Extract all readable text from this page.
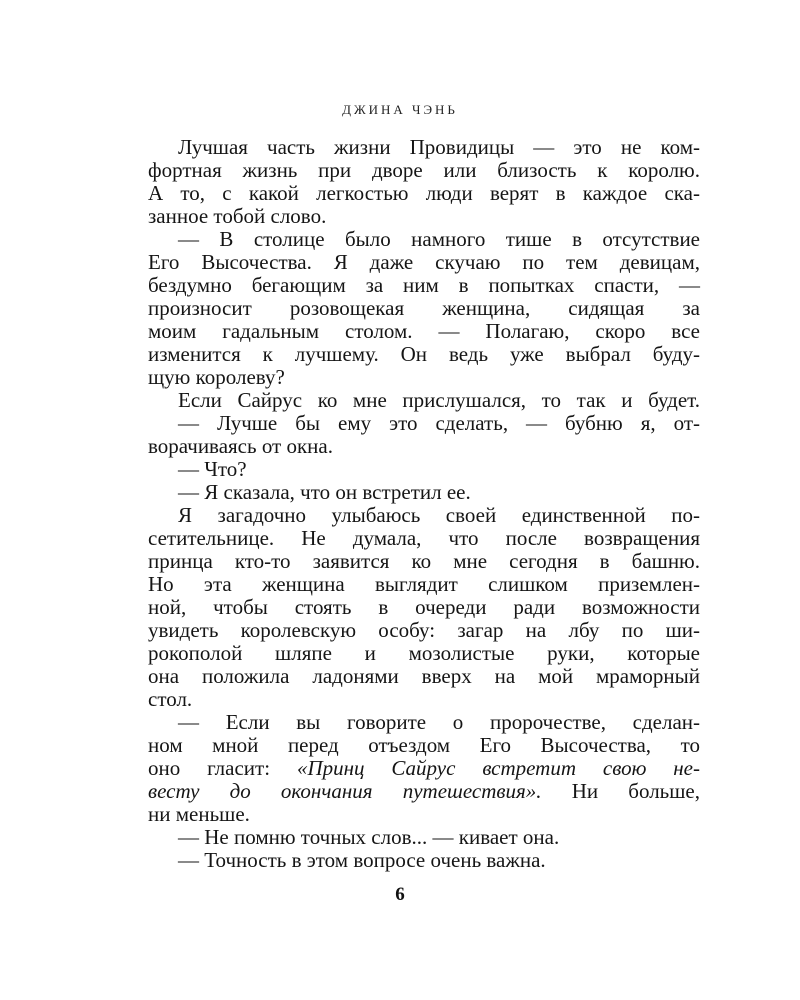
ДЖИНА ЧЭНЬ
Лучшая часть жизни Провидицы — это не ком-
фортная жизнь при дворе или близость к королю.
А то, с какой легкостью люди верят в каждое ска-
занное тобой слово.
— В столице было намного тише в отсутствие
Его Высочества. Я даже скучаю по тем девицам,
бездумно бегающим за ним в попытках спасти, —
произносит розовощекая женщина, сидящая за
моим гадальным столом. — Полагаю, скоро все
изменится к лучшему. Он ведь уже выбрал буду-
щую королеву?
Если Сайрус ко мне прислушался, то так и будет.
— Лучше бы ему это сделать, — бубню я, от-
ворачиваясь от окна.
— Что?
— Я сказала, что он встретил ее.
Я загадочно улыбаюсь своей единственной по-
сетительнице. Не думала, что после возвращения
принца кто-то заявится ко мне сегодня в башню.
Но эта женщина выглядит слишком приземлен-
ной, чтобы стоять в очереди ради возможности
увидеть королевскую особу: загар на лбу по ши-
рокополой шляпе и мозолистые руки, которые
она положила ладонями вверх на мой мраморный
стол.
— Если вы говорите о пророчестве, сделан-
ном мной перед отъездом Его Высочества, то
оно гласит: «Принц Сайрус встретит свою не-
весту до окончания путешествия». Ни больше,
ни меньше.
— Не помню точных слов... — кивает она.
— Точность в этом вопросе очень важна.
6
